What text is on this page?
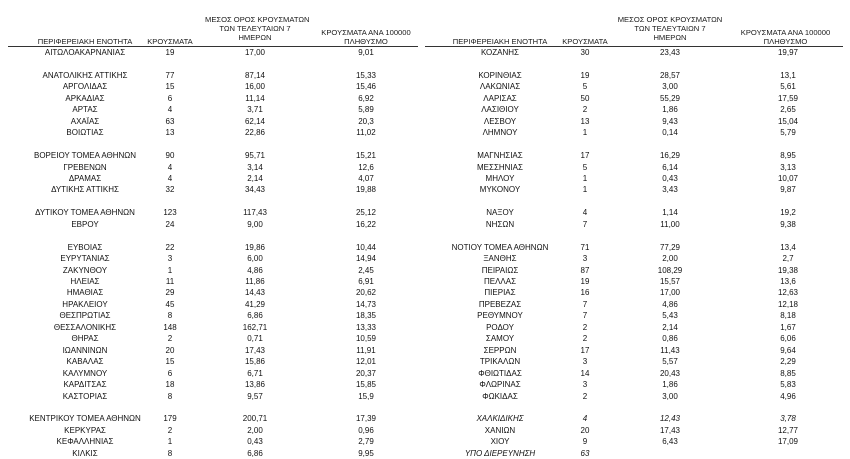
ΠΕΡΙΦΕΡΕΙΑΚΗ ΕΝΟΤΗΤΑ	ΚΡΟΥΣΜΑΤΑ
ΜΕΣΟΣ ΟΡΟΣ ΚΡΟΥΣΜΑΤΩΝ
ΤΩΝ ΤΕΛΕΥΤΑΙΩΝ 7
ΗΜΕΡΩΝ
ΚΡΟΥΣΜΑΤΑ ΑΝΑ 100000
ΠΛΗΘΥΣΜΟ	ΠΕΡΙΦΕΡΕΙΑΚΗ ΕΝΟΤΗΤΑ	ΚΡΟΥΣΜΑΤΑ
ΜΕΣΟΣ ΟΡΟΣ ΚΡΟΥΣΜΑΤΩΝ
ΤΩΝ ΤΕΛΕΥΤΑΙΩΝ 7
ΗΜΕΡΩΝ
ΚΡΟΥΣΜΑΤΑ ΑΝΑ 100000
ΠΛΗΘΥΣΜΟ
ΑΙΤΩΛΟΑΚΑΡΝΑΝΙΑΣ	19	17,00	9,01
ΑΝΑΤΟΛΙΚΗΣ ΑΤΤΙΚΗΣ	77	87,14	15,33
ΑΡΓΟΛΙΔΑΣ	15	16,00	15,46
ΑΡΚΑΔΙΑΣ	6	11,14	6,92
ΑΡΤΑΣ	4	3,71	5,89
ΑΧΑΪΑΣ	63	62,14	20,3
ΒΟΙΩΤΙΑΣ	13	22,86	11,02
ΒΟΡΕΙΟΥ ΤΟΜΕΑ ΑΘΗΝΩΝ	90	95,71	15,21
ΓΡΕΒΕΝΩΝ	4	3,14	12,6
ΔΡΑΜΑΣ	4	2,14	4,07
ΔΥΤΙΚΗΣ ΑΤΤΙΚΗΣ	32	34,43	19,88
ΔΥΤΙΚΟΥ ΤΟΜΕΑ ΑΘΗΝΩΝ	123	117,43	25,12
ΕΒΡΟΥ	24	9,00	16,22
ΕΥΒΟΙΑΣ	22	19,86	10,44
ΕΥΡΥΤΑΝΙΑΣ	3	6,00	14,94
ΖΑΚΥΝΘΟΥ	1	4,86	2,45
ΗΛΕΙΑΣ	11	11,86	6,91
ΗΜΑΘΙΑΣ	29	14,43	20,62
ΗΡΑΚΛΕΙΟΥ	45	41,29	14,73
ΘΕΣΠΡΩΤΙΑΣ	8	6,86	18,35
ΘΕΣΣΑΛΟΝΙΚΗΣ	148	162,71	13,33
ΘΗΡΑΣ	2	0,71	10,59
ΙΩΑΝΝΙΝΩΝ	20	17,43	11,91
ΚΑΒΑΛΑΣ	15	15,86	12,01
ΚΑΛΥΜΝΟΥ	6	6,71	20,37
ΚΑΡΔΙΤΣΑΣ	18	13,86	15,85
ΚΑΣΤΟΡΙΑΣ	8	9,57	15,9
ΚΕΝΤΡΙΚΟΥ ΤΟΜΕΑ ΑΘΗΝΩΝ	179	200,71	17,39
ΚΕΡΚΥΡΑΣ	2	2,00	0,96
ΚΕΦΑΛΛΗΝΙΑΣ	1	0,43	2,79
ΚΙΛΚΙΣ	8	6,86	9,95
ΚΟΖΑΝΗΣ	30	23,43	19,97
ΚΟΡΙΝΘΙΑΣ	19	28,57	13,1
ΛΑΚΩΝΙΑΣ	5	3,00	5,61
ΛΑΡΙΣΑΣ	50	55,29	17,59
ΛΑΣΙΘΙΟΥ	2	1,86	2,65
ΛΕΣΒΟΥ	13	9,43	15,04
ΛΗΜΝΟΥ	1	0,14	5,79
ΜΑΓΝΗΣΙΑΣ	17	16,29	8,95
ΜΕΣΣΗΝΙΑΣ	5	6,14	3,13
ΜΗΛΟΥ	1	0,43	10,07
ΜΥΚΟΝΟΥ	1	3,43	9,87
ΝΑΞΟΥ	4	1,14	19,2
ΝΗΣΩΝ	7	11,00	9,38
ΝΟΤΙΟΥ ΤΟΜΕΑ ΑΘΗΝΩΝ	71	77,29	13,4
ΞΑΝΘΗΣ	3	2,00	2,7
ΠΕΙΡΑΙΩΣ	87	108,29	19,38
ΠΕΛΛΑΣ	19	15,57	13,6
ΠΙΕΡΙΑΣ	16	17,00	12,63
ΠΡΕΒΕΖΑΣ	7	4,86	12,18
ΡΕΘΥΜΝΟΥ	7	5,43	8,18
ΡΟΔΟΥ	2	2,14	1,67
ΣΑΜΟΥ	2	0,86	6,06
ΣΕΡΡΩΝ	17	11,43	9,64
ΤΡΙΚΑΛΩΝ	3	5,57	2,29
ΦΘΙΩΤΙΔΑΣ	14	20,43	8,85
ΦΛΩΡΙΝΑΣ	3	1,86	5,83
ΦΩΚΙΔΑΣ	2	3,00	4,96
ΧΑΛΚΙΔΙΚΗΣ	4	12,43	3,78
ΧΑΝΙΩΝ	20	17,43	12,77
ΧΙΟΥ	9	6,43	17,09
ΥΠΟ ΔΙΕΡΕΥΝΗΣΗ	63
